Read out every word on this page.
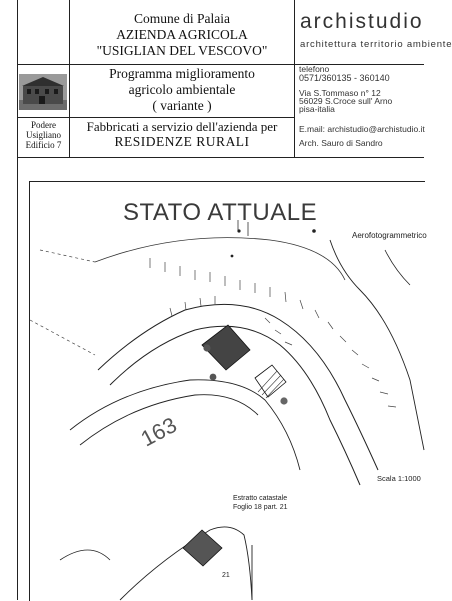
Comune di Palaia
AZIENDA AGRICOLA
"USIGLIAN DEL VESCOVO"
Programma miglioramento
agricolo ambientale
( variante )
Podere
Usigliano
Edificio 7
Fabbricati a servizio dell'azienda per
RESIDENZE RURALI
archistudio
architettura territorio ambiente
telefono
0571/360135 - 360140
Via S.Tommaso n° 12
56029 S.Croce sull' Arno
pisa-italia
E.mail: archistudio@archistudio.it
Arch. Sauro di Sandro
STATO ATTUALE
Aerofotogrammetrico
163
Scala 1:1000
Estratto catastale
Foglio 18 part. 21
21
